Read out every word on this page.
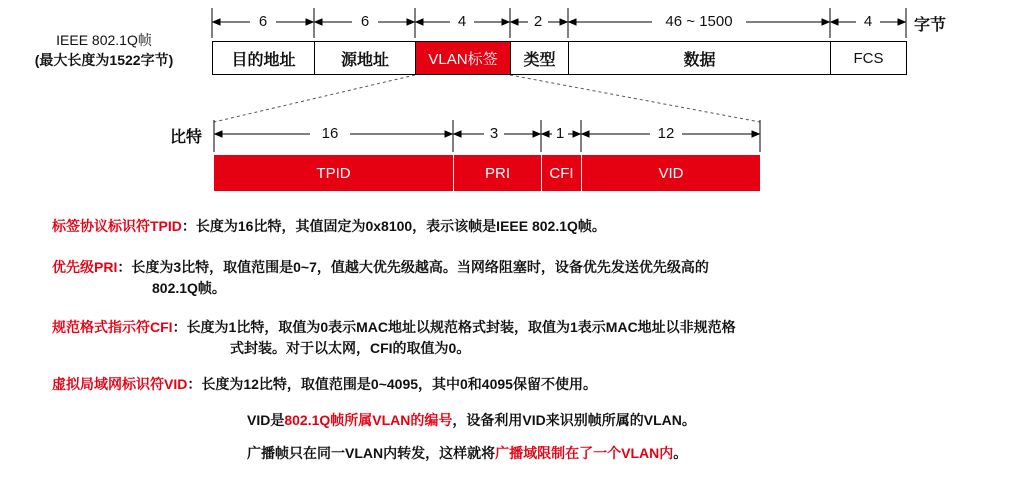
IEEE 802.1Q帧
(最大长度为1522字节)
6	6	4	2	46 ~ 1500	4	字节
目的地址	源地址	VLAN标签	类型	数据	FCS
比特	16	3	1	12
TPID	PRI	CFI	VID
标签协议标识符TPID：长度为16比特，其值固定为0x8100，表示该帧是IEEE 802.1Q帧。
优先级PRI：长度为3比特，取值范围是0~7，值越大优先级越高。当网络阻塞时，设备优先发送优先级高的
802.1Q帧。
规范格式指示符CFI：长度为1比特，取值为0表示MAC地址以规范格式封装，取值为1表示MAC地址以非规范格
式封装。对于以太网，CFI的取值为0。
虚拟局域网标识符VID：长度为12比特，取值范围是0~4095，其中0和4095保留不使用。
VID是802.1Q帧所属VLAN的编号，设备利用VID来识别帧所属的VLAN。
广播帧只在同一VLAN内转发，这样就将广播域限制在了一个VLAN内。
